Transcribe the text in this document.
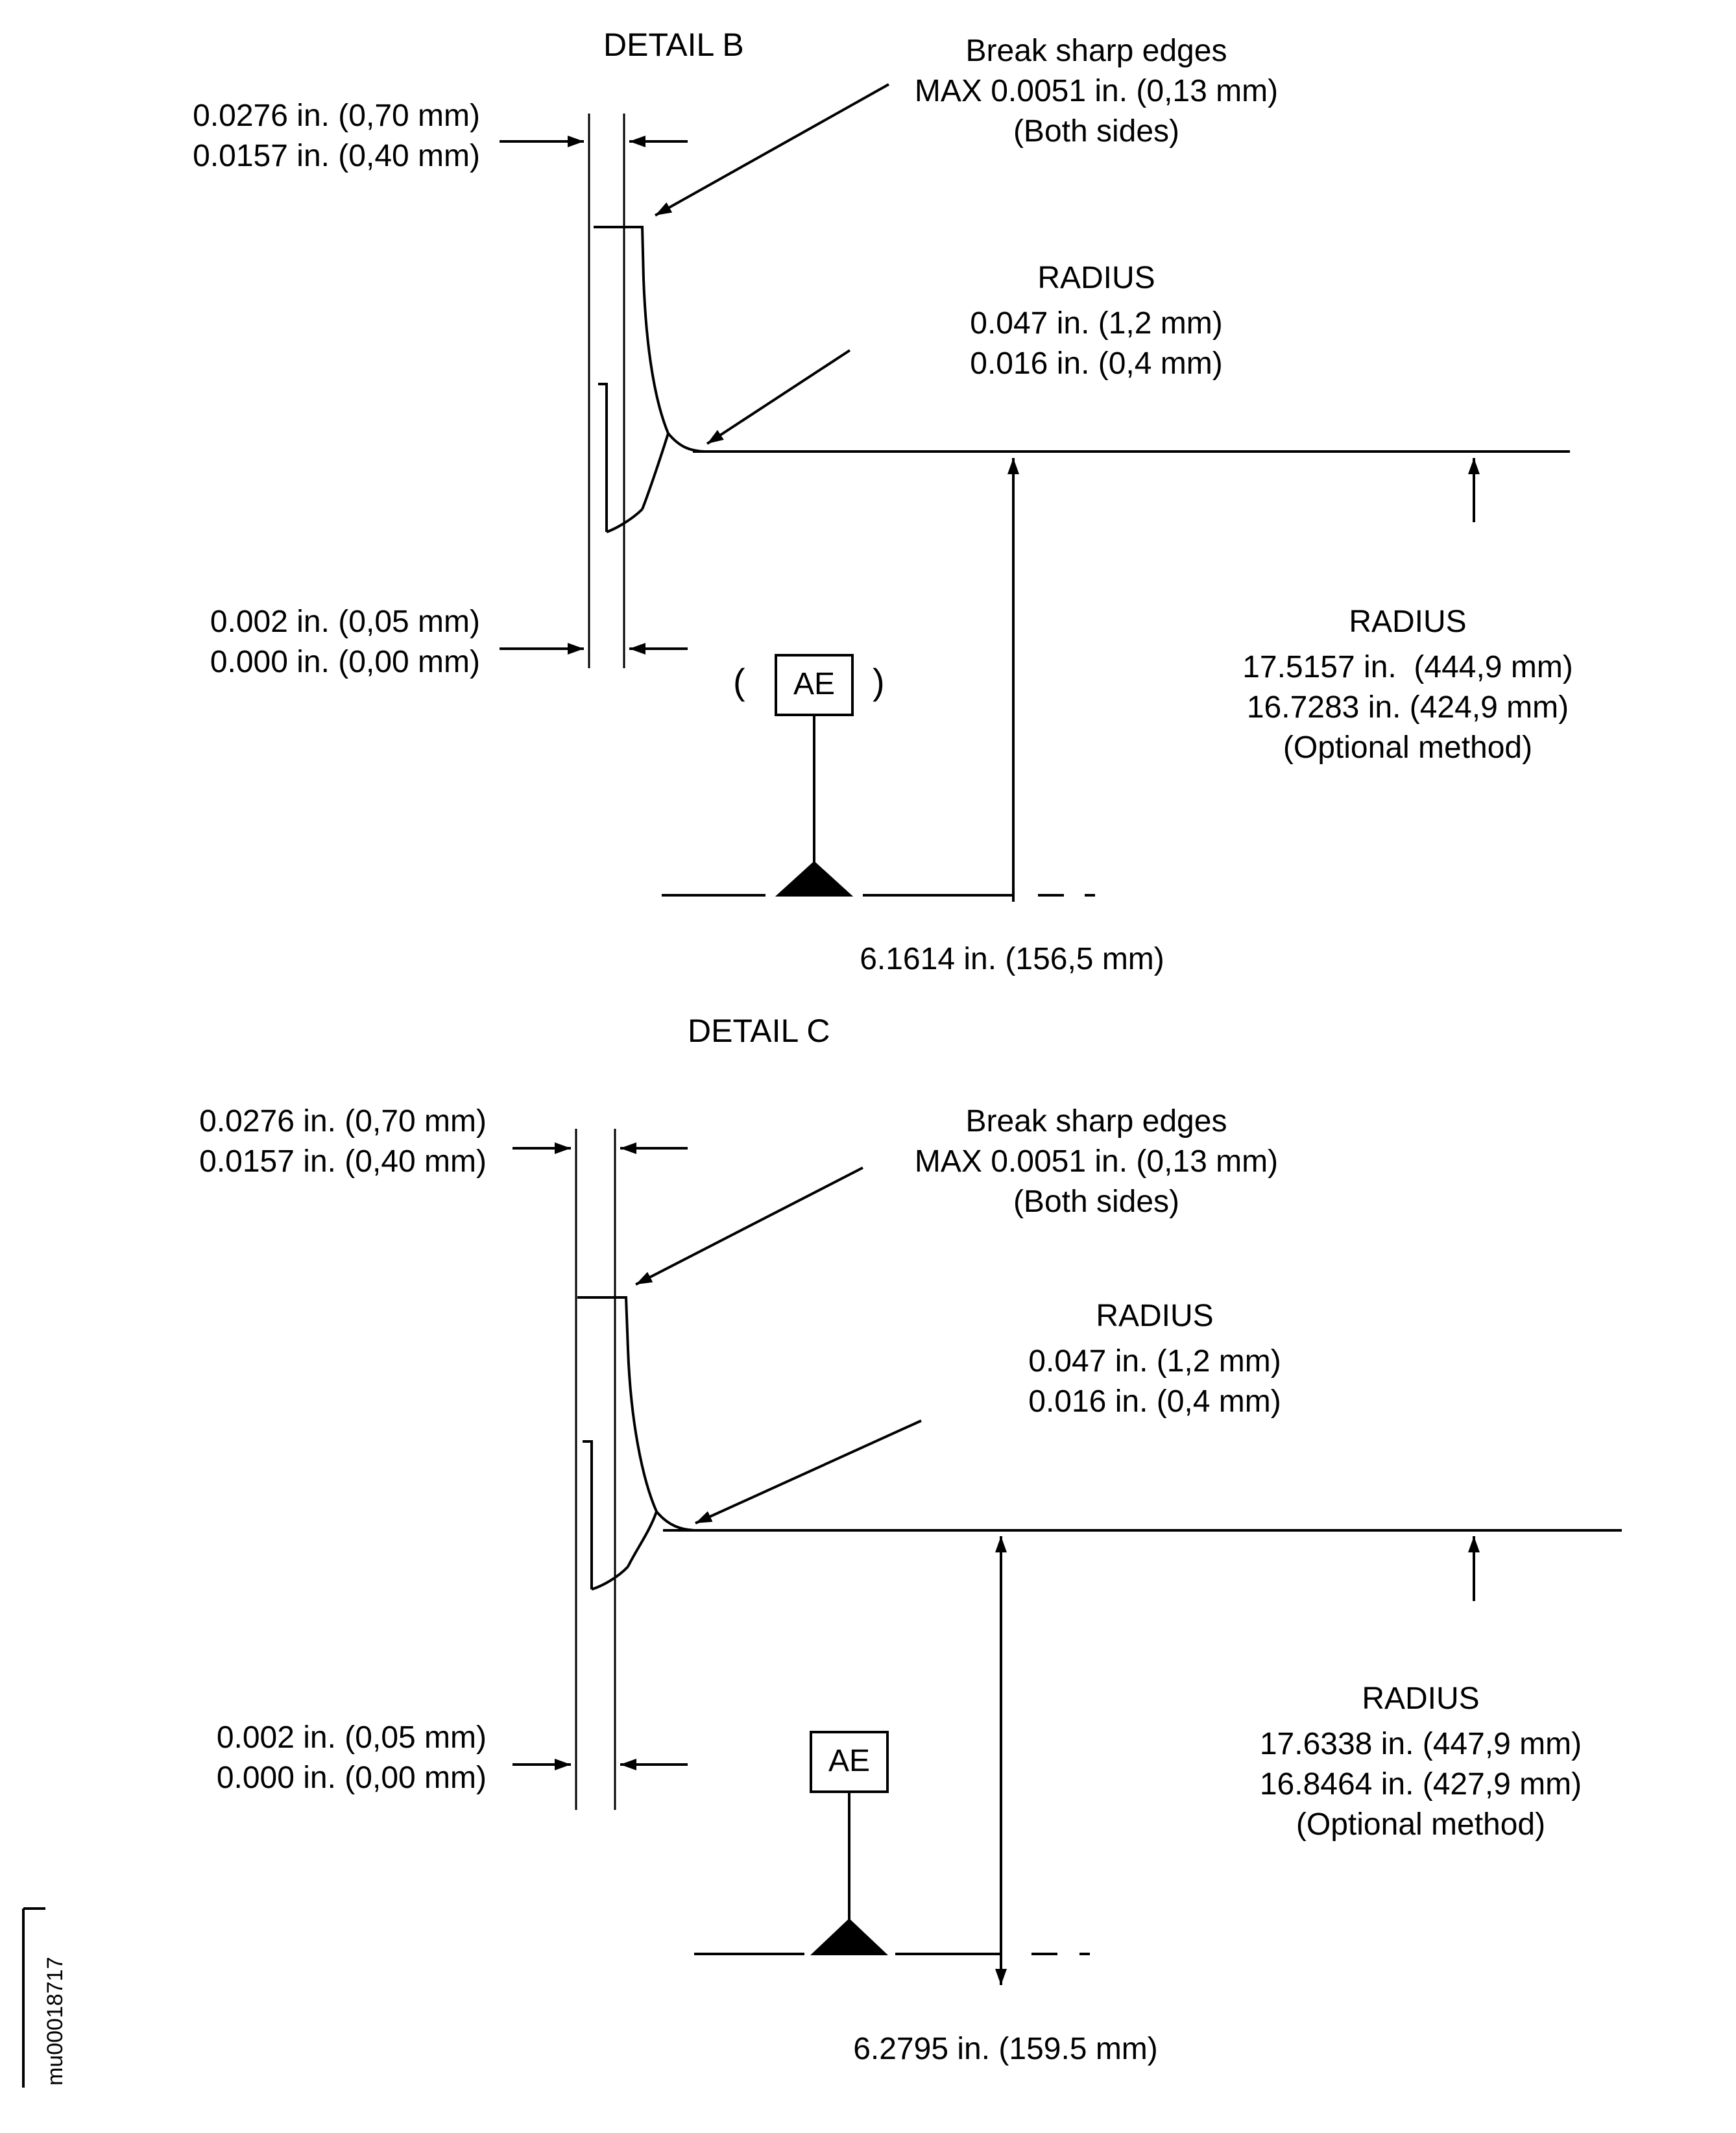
DETAIL B
0.0276 in. (0,70 mm)
0.0157 in. (0,40 mm)
Break sharp edges
MAX 0.0051 in. (0,13 mm)
(Both sides)
RADIUS
0.047 in. (1,2 mm)
0.016 in. (0,4 mm)
0.002 in. (0,05 mm)
0.000 in. (0,00 mm)	(	AE	)
RADIUS
17.5157 in.  (444,9 mm)
16.7283 in. (424,9 mm)
(Optional method)
6.1614 in. (156,5 mm)
DETAIL C
0.0276 in. (0,70 mm)
0.0157 in. (0,40 mm)
Break sharp edges
MAX 0.0051 in. (0,13 mm)
(Both sides)
RADIUS
0.047 in. (1,2 mm)
0.016 in. (0,4 mm)
0.002 in. (0,05 mm)
0.000 in. (0,00 mm)	AE
RADIUS
17.6338 in. (447,9 mm)
16.8464 in. (427,9 mm)
(Optional method)
6.2795 in. (159.5 mm)
mu00018717
